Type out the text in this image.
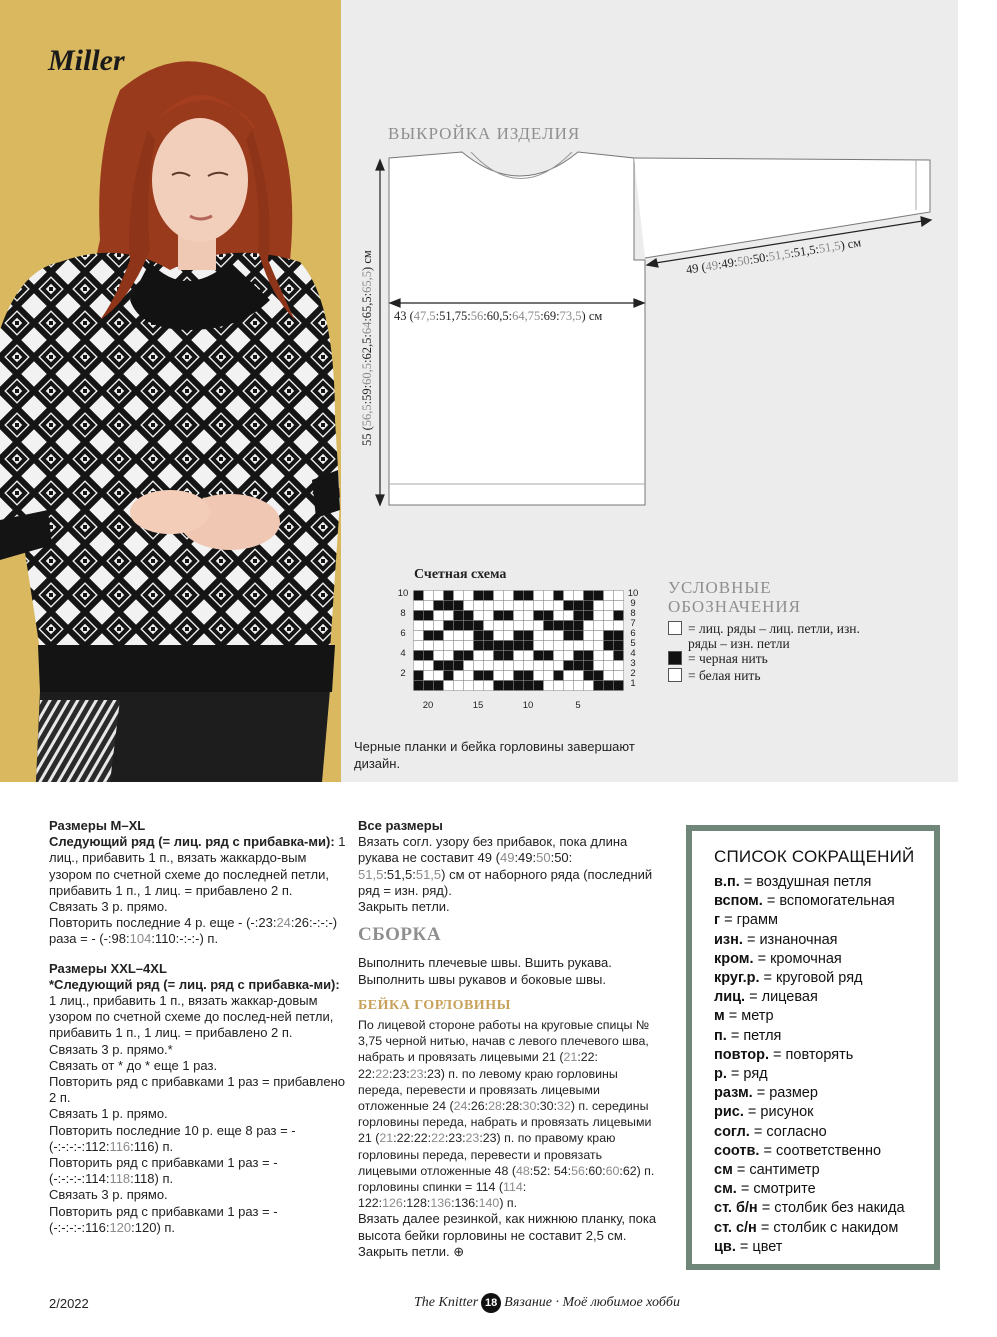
Miller
ВЫКРОЙКА ИЗДЕЛИЯ
55 (56,5:59:60,5:62,5:64:65,5:65,5) см
43 (47,5:51,75:56:60,5:64,75:69:73,5) см
49 (49:49:50:50:51,5:51,5:51,5) см
Счетная схема
10
8
6
4
2
10
9
8
7
6
5
4
3
2
1
20	15	10	5
УСЛОВНЫЕ
ОБОЗНАЧЕНИЯ
= лиц. ряды – лиц. петли, изн.
ряды – изн. петли
= черная нить
= белая нить
Черные планки и бейка горловины завершают дизайн.

Размеры M–XL

Следующий ряд (= лиц. ряд с прибавка-ми): 1 лиц., прибавить 1 п., вязать жаккардо-вым узором по счетной схеме до последней петли, прибавить 1 п., 1 лиц. = прибавлено 2 п.

Связать 3 р. прямо.

Повторить последние 4 р. еще - (-:23:24:26:-:-:-) раза = - (-:98:104:110:-:-:-) п.

Размеры XXL–4XL

*Следующий ряд (= лиц. ряд с прибавка-ми): 1 лиц., прибавить 1 п., вязать жаккар-довым узором по счетной схеме до послед-ней петли, прибавить 1 п., 1 лиц. = прибавлено 2 п.

Связать 3 р. прямо.*

Связать от * до * еще 1 раз.

Повторить ряд с прибавками 1 раз = прибавлено 2 п.

Связать 1 р. прямо.

Повторить последние 10 р. еще 8 раз = - (-:-:-:-:112:116:116) п.

Повторить ряд с прибавками 1 раз = - (-:-:-:-:114:118:118) п.

Связать 3 р. прямо.

Повторить ряд с прибавками 1 раз = - (-:-:-:-:116:120:120) п.

Все размеры

Вязать согл. узору без прибавок, пока длина рукава не составит 49 (49:49:50:50: 51,5:51,5:51,5) см от наборного ряда (последний ряд = изн. ряд).

Закрыть петли.

СБОРКА

Выполнить плечевые швы. Вшить рукава. Выполнить швы рукавов и боковые швы.

БЕЙКА ГОРЛОВИНЫ

По лицевой стороне работы на круговые спицы № 3,75 черной нитью, начав с левого плечевого шва, набрать и провязать лицевыми 21 (21:22: 22:22:23:23:23) п. по левому краю горловины переда, перевести и провязать лицевыми отложенные 24 (24:26:28:28:30:30:32) п. середины горловины переда, набрать и провязать лицевыми 21 (21:22:22:22:23:23:23) п. по правому краю горловины переда, перевести и провязать лицевыми отложенные 48 (48:52: 54:56:60:60:62) п. горловины спинки = 114 (114: 122:126:128:136:136:140) п.

Вязать далее резинкой, как нижнюю планку, пока высота бейки горловины не составит 2,5 см. Закрыть петли. ⊕

СПИСОК СОКРАЩЕНИЙ
в.п. = воздушная петля
вспом. = вспомогательная
г = грамм
изн. = изнаночная
кром. = кромочная
круг.р. = круговой ряд
лиц. = лицевая
м = метр
п. = петля
повтор. = повторять
р. = ряд
разм. = размер
рис. = рисунок
согл. = согласно
соотв. = соответственно
см = сантиметр
см. = смотрите
ст. б/н = столбик без накида
ст. с/н = столбик с накидом
цв. = цвет
2/2022	The Knitter 18 Вязание · Моё любимое хобби
